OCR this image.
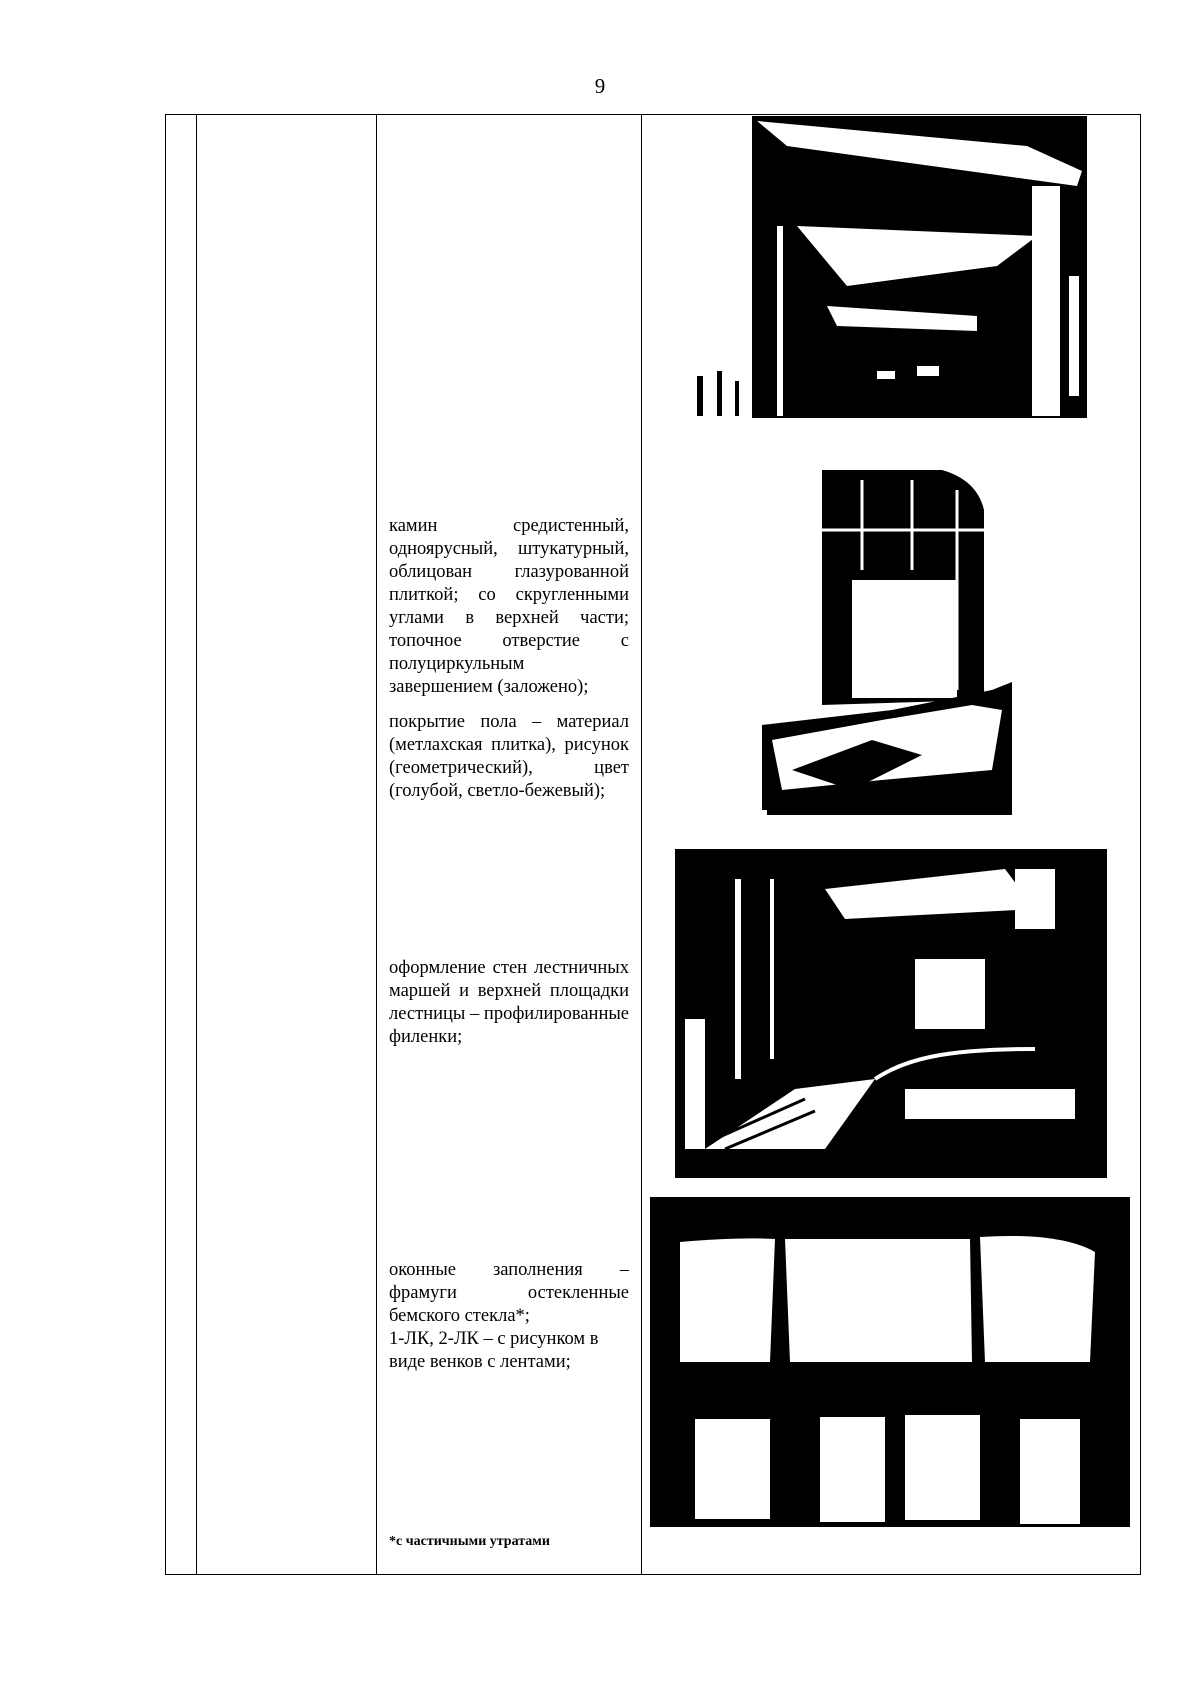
9

камин средистенный, одноярусный, штукатурный, облицован глазурованной плиткой; со скругленными углами в верхней части; топочное отверстие с полуциркульным завершением (заложено);

покрытие пола – материал (метлахская плитка), рисунок (геометрический), цвет (голубой, светло-бежевый);

оформление стен лестничных маршей и верхней площадки лестницы – профилированные филенки;

оконные заполнения – фрамуги остекленные бемского стекла*;

1-ЛК, 2-ЛК – с рисунком в виде венков с лентами;

*с частичными утратами
